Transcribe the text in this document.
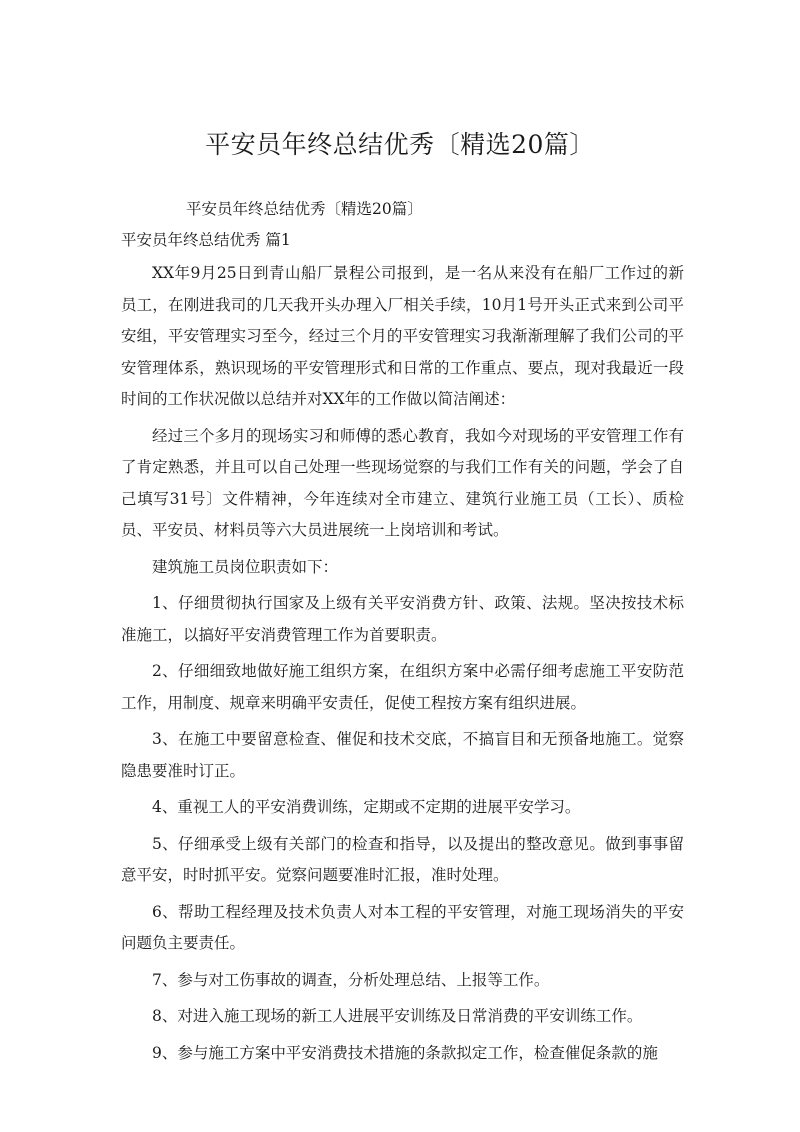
平安员年终总结优秀〔精选20篇〕

平安员年终总结优秀〔精选20篇〕

平安员年终总结优秀 篇1

XX年9月25日到青山船厂景程公司报到，是一名从来没有在船厂工作过的新员工，在刚进我司的几天我开头办理入厂相关手续，10月1号开头正式来到公司平安组，平安管理实习至今，经过三个月的平安管理实习我渐渐理解了我们公司的平安管理体系，熟识现场的平安管理形式和日常的工作重点、要点，现对我最近一段时间的工作状况做以总结并对XX年的工作做以简洁阐述：

经过三个多月的现场实习和师傅的悉心教育，我如今对现场的平安管理工作有了肯定熟悉，并且可以自己处理一些现场觉察的与我们工作有关的问题，学会了自己填写31号〕文件精神，今年连续对全市建立、建筑行业施工员（工长）、质检员、平安员、材料员等六大员进展统一上岗培训和考试。

建筑施工员岗位职责如下：

1、仔细贯彻执行国家及上级有关平安消费方针、政策、法规。坚决按技术标准施工，以搞好平安消费管理工作为首要职责。

2、仔细细致地做好施工组织方案，在组织方案中必需仔细考虑施工平安防范工作，用制度、规章来明确平安责任，促使工程按方案有组织进展。

3、在施工中要留意检查、催促和技术交底，不搞盲目和无预备地施工。觉察隐患要准时订正。

4、重视工人的平安消费训练，定期或不定期的进展平安学习。

5、仔细承受上级有关部门的检查和指导，以及提出的整改意见。做到事事留意平安，时时抓平安。觉察问题要准时汇报，准时处理。

6、帮助工程经理及技术负责人对本工程的平安管理，对施工现场消失的平安问题负主要责任。

7、参与对工伤事故的调查，分析处理总结、上报等工作。

8、对进入施工现场的新工人进展平安训练及日常消费的平安训练工作。

9、参与施工方案中平安消费技术措施的条款拟定工作，检查催促条款的施
